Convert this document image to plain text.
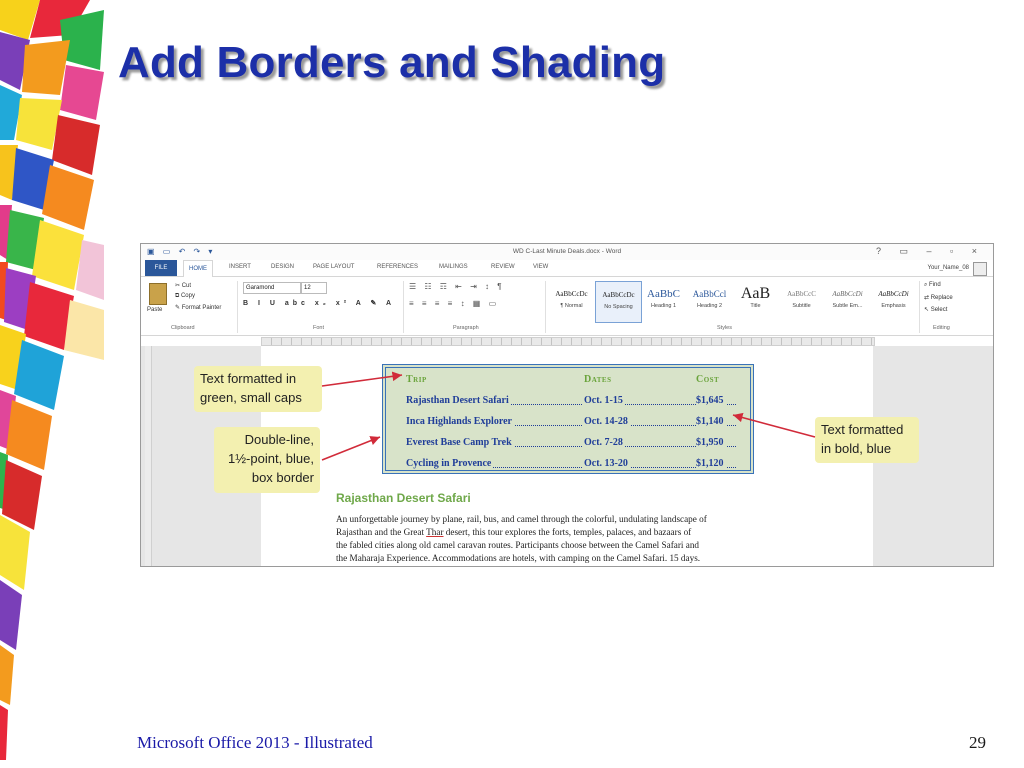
Add Borders and Shading
▣ ▭ ↶ ↷ ▾	WD C-Last Minute Deals.docx - Word	? ▭ – ▫ ×
FILE	HOME	INSERT	DESIGN	PAGE LAYOUT	REFERENCES	MAILINGS	REVIEW	VIEW	Your_Name_08
Paste
✂ Cut
⧉ Copy
✎ Format Painter
Clipboard
Garamond	12
B I U abc x₂ x² A ✎ A
Font
☰ ☷ ☶ ⇤ ⇥ ↕ ¶
≡ ≡ ≡ ≡ ↕ ▦ ▭
Paragraph
AaBbCcDc
¶ Normal
AaBbCcDc
No Spacing
AaBbC
Heading 1
AaBbCcl
Heading 2
AaB
Title
AaBbCcC
Subtitle
AaBbCcDi
Subtle Em...
AaBbCcDi
Emphasis
Styles
⌕ Find
⇄ Replace
↖ Select
Editing
Trip	Dates	Cost
Rajasthan Desert Safari	Oct. 1-15	$1,645
Inca Highlands Explorer	Oct. 14-28	$1,140
Everest Base Camp Trek	Oct. 7-28	$1,950
Cycling in Provence	Oct. 13-20	$1,120
Rajasthan Desert Safari
An unforgettable journey by plane, rail, bus, and camel through the colorful, undulating landscape of
Rajasthan and the Great Thar desert, this tour explores the forts, temples, palaces, and bazaars of
the fabled cities along old camel caravan routes. Participants choose between the Camel Safari and
the Maharaja Experience. Accommodations are hotels, with camping on the Camel Safari. 15 days.
Text formatted in
green, small caps
Double-line,
1½-point, blue,
box border
Text formatted
in bold, blue
Microsoft Office 2013 - Illustrated	29
